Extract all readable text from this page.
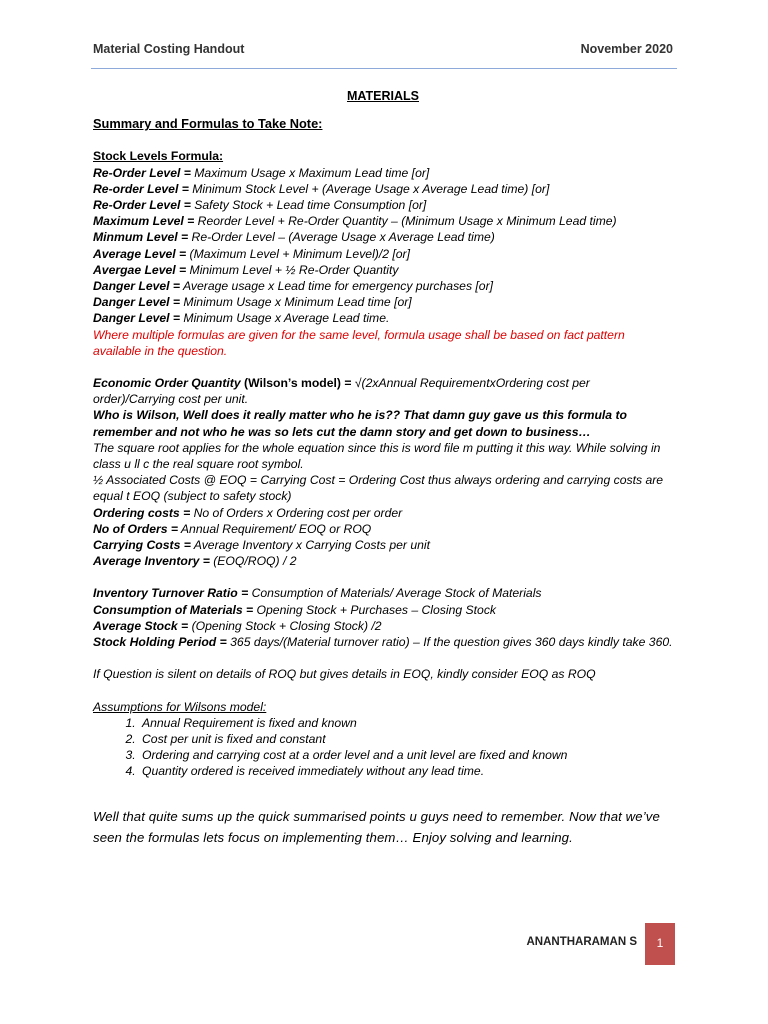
Material Costing Handout	November 2020
MATERIALS
Summary and Formulas to Take Note:
Stock Levels Formula:
Re-Order Level = Maximum Usage x Maximum Lead time [or]
Re-order Level = Minimum Stock Level + (Average Usage x Average Lead time) [or]
Re-Order Level = Safety Stock + Lead time Consumption [or]
Maximum Level = Reorder Level + Re-Order Quantity – (Minimum Usage x Minimum Lead time)
Minmum Level = Re-Order Level – (Average Usage x Average Lead time)
Average Level = (Maximum Level + Minimum Level)/2 [or]
Avergae Level = Minimum Level + ½ Re-Order Quantity
Danger Level = Average usage x Lead time for emergency purchases [or]
Danger Level = Minimum Usage x Minimum Lead time [or]
Danger Level = Minimum Usage x Average Lead time.
Where multiple formulas are given for the same level, formula usage shall be based on fact pattern available in the question.
Economic Order Quantity (Wilson’s model) = √(2xAnnual RequirementxOrdering cost per order)/Carrying cost per unit.
Who is Wilson, Well does it really matter who he is?? That damn guy gave us this formula to remember and not who he was so lets cut the damn story and get down to business…
The square root applies for the whole equation since this is word file m putting it this way. While solving in class u ll c the real square root symbol.
½ Associated Costs @ EOQ = Carrying Cost = Ordering Cost thus always ordering and carrying costs are equal t EOQ (subject to safety stock)
Ordering costs = No of Orders x Ordering cost per order
No of Orders = Annual Requirement/ EOQ or ROQ
Carrying Costs = Average Inventory x Carrying Costs per unit
Average Inventory = (EOQ/ROQ) / 2
Inventory Turnover Ratio = Consumption of Materials/ Average Stock of Materials
Consumption of Materials = Opening Stock + Purchases – Closing Stock
Average Stock = (Opening Stock + Closing Stock) /2
Stock Holding Period = 365 days/(Material turnover ratio) – If the question gives 360 days kindly take 360.
If Question is silent on details of ROQ but gives details in EOQ, kindly consider EOQ as ROQ
Assumptions for Wilsons model:
1. Annual Requirement is fixed and known
2. Cost per unit is fixed and constant
3. Ordering and carrying cost at a order level and a unit level are fixed and known
4. Quantity ordered is received immediately without any lead time.
Well that quite sums up the quick summarised points u guys need to remember. Now that we’ve seen the formulas lets focus on implementing them… Enjoy solving and learning.
ANANTHARAMAN S	1
